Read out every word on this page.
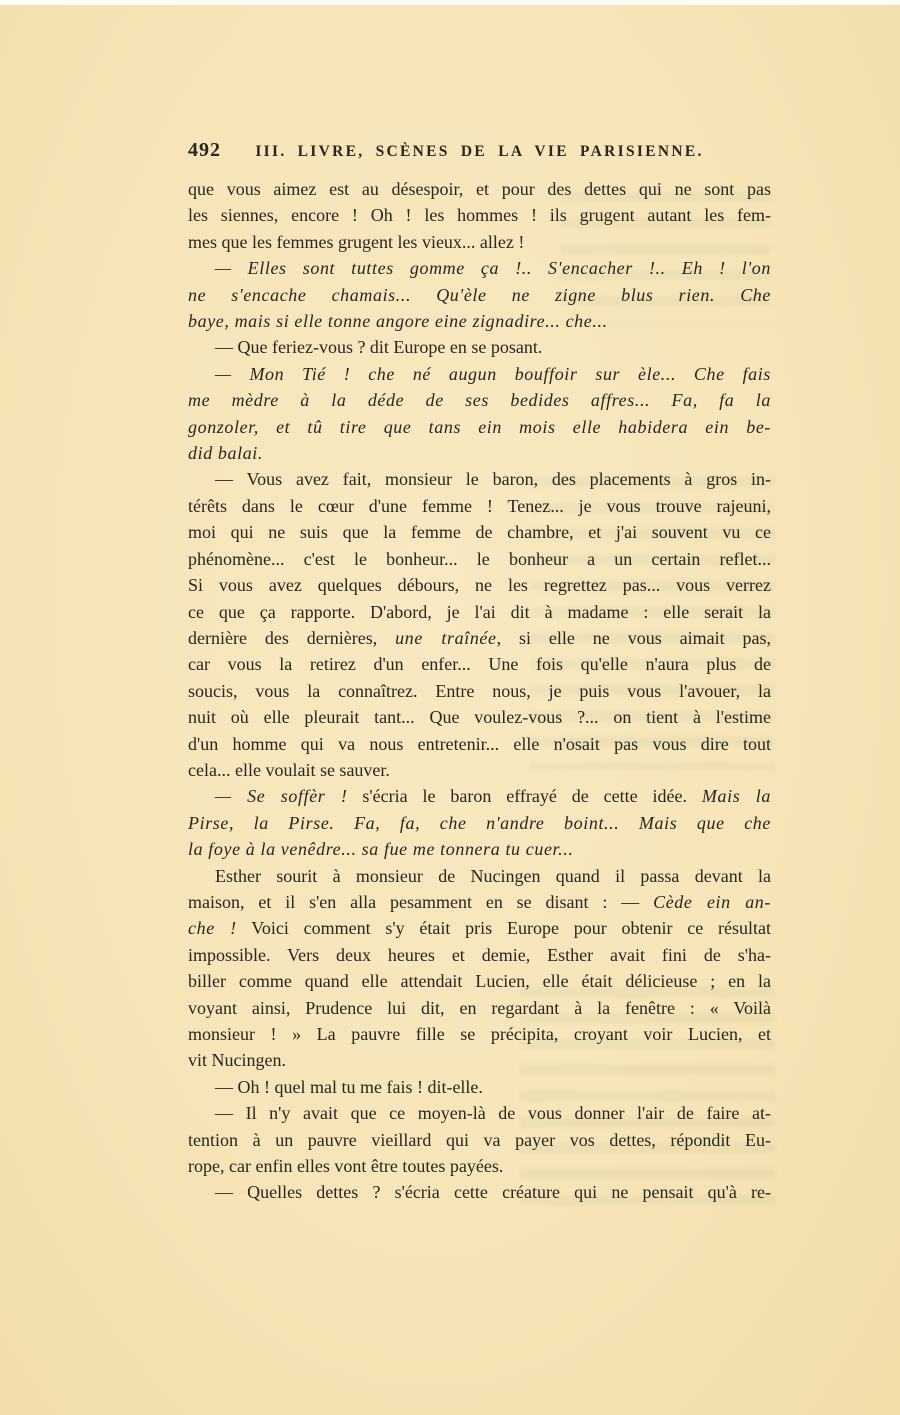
492	III. LIVRE, SCÈNES DE LA VIE PARISIENNE.
que vous aimez est au désespoir, et pour des dettes qui ne sont pas
les siennes, encore ! Oh ! les hommes ! ils grugent autant les fem-
mes que les femmes grugent les vieux... allez !
— Elles sont tuttes gomme ça !.. S'encacher !.. Eh ! l'on
ne s'encache chamais... Qu'èle ne zigne blus rien. Che
baye, mais si elle tonne angore eine zignadire... che...
— Que feriez-vous ? dit Europe en se posant.
— Mon Tié ! che né augun bouffoir sur èle... Che fais
me mèdre à la déde de ses bedides affres... Fa, fa la
gonzoler, et tû tire que tans ein mois elle habidera ein be-
did balai.
— Vous avez fait, monsieur le baron, des placements à gros in-
térêts dans le cœur d'une femme ! Tenez... je vous trouve rajeuni,
moi qui ne suis que la femme de chambre, et j'ai souvent vu ce
phénomène... c'est le bonheur... le bonheur a un certain reflet...
Si vous avez quelques débours, ne les regrettez pas... vous verrez
ce que ça rapporte. D'abord, je l'ai dit à madame : elle serait la
dernière des dernières, une traînée, si elle ne vous aimait pas,
car vous la retirez d'un enfer... Une fois qu'elle n'aura plus de
soucis, vous la connaîtrez. Entre nous, je puis vous l'avouer, la
nuit où elle pleurait tant... Que voulez-vous ?... on tient à l'estime
d'un homme qui va nous entretenir... elle n'osait pas vous dire tout
cela... elle voulait se sauver.
— Se soffèr ! s'écria le baron effrayé de cette idée. Mais la
Pirse, la Pirse. Fa, fa, che n'andre boint... Mais que che
la foye à la venêdre... sa fue me tonnera tu cuer...
Esther sourit à monsieur de Nucingen quand il passa devant la
maison, et il s'en alla pesamment en se disant : — Cède ein an-
che ! Voici comment s'y était pris Europe pour obtenir ce résultat
impossible. Vers deux heures et demie, Esther avait fini de s'ha-
biller comme quand elle attendait Lucien, elle était délicieuse ; en la
voyant ainsi, Prudence lui dit, en regardant à la fenêtre : « Voilà
monsieur ! » La pauvre fille se précipita, croyant voir Lucien, et
vit Nucingen.
— Oh ! quel mal tu me fais ! dit-elle.
— Il n'y avait que ce moyen-là de vous donner l'air de faire at-
tention à un pauvre vieillard qui va payer vos dettes, répondit Eu-
rope, car enfin elles vont être toutes payées.
— Quelles dettes ? s'écria cette créature qui ne pensait qu'à re-
